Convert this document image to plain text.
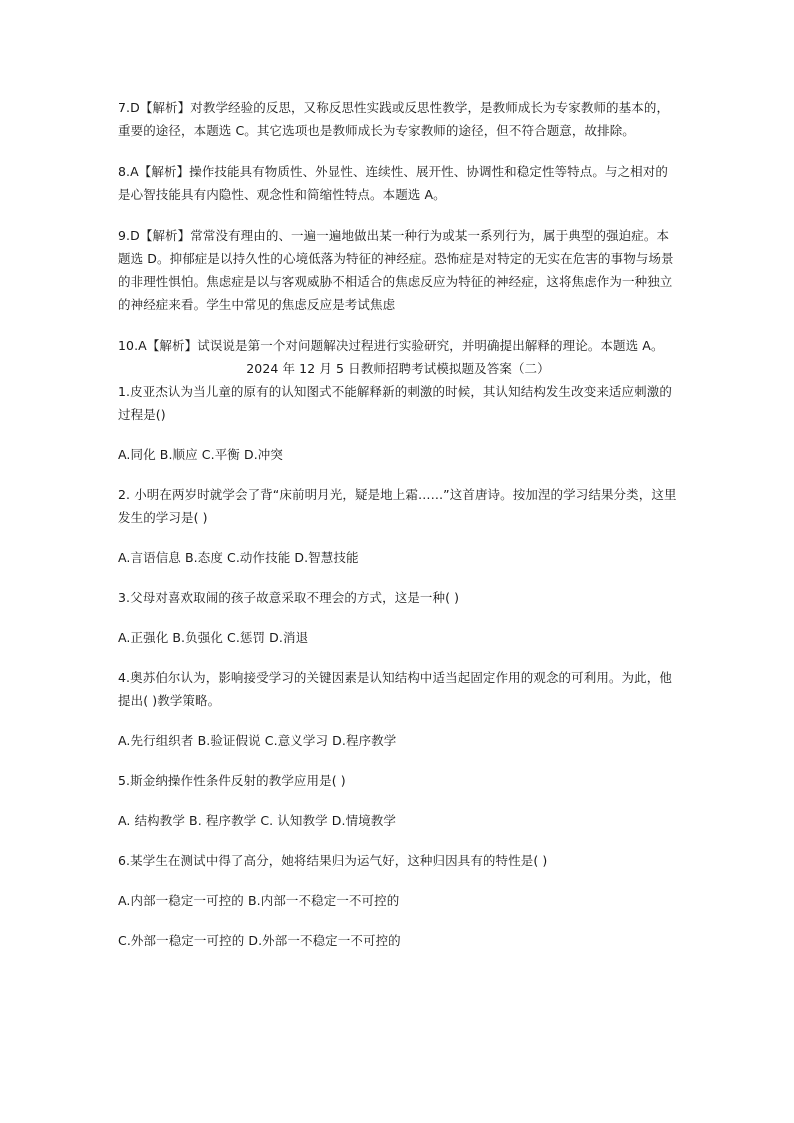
7.D【解析】对教学经验的反思，又称反思性实践或反思性教学，是教师成长为专家教师的基本的，重要的途径，本题选 C。其它选项也是教师成长为专家教师的途径，但不符合题意，故排除。

8.A【解析】操作技能具有物质性、外显性、连续性、展开性、协调性和稳定性等特点。与之相对的是心智技能具有内隐性、观念性和简缩性特点。本题选 A。

9.D【解析】常常没有理由的、一遍一遍地做出某一种行为或某一系列行为，属于典型的强迫症。本题选 D。抑郁症是以持久性的心境低落为特征的神经症。恐怖症是对特定的无实在危害的事物与场景的非理性惧怕。焦虑症是以与客观威胁不相适合的焦虑反应为特征的神经症，这将焦虑作为一种独立的神经症来看。学生中常见的焦虑反应是考试焦虑

10.A【解析】试误说是第一个对问题解决过程进行实验研究，并明确提出解释的理论。本题选 A。

2024 年 12 月 5 日教师招聘考试模拟题及答案（二）

1.皮亚杰认为当儿童的原有的认知图式不能解释新的刺激的时候，其认知结构发生改变来适应刺激的过程是()

A.同化 B.顺应 C.平衡 D.冲突

2. 小明在两岁时就学会了背“床前明月光，疑是地上霜……”这首唐诗。按加涅的学习结果分类，这里发生的学习是( )

A.言语信息 B.态度 C.动作技能 D.智慧技能

3.父母对喜欢取闹的孩子故意采取不理会的方式，这是一种( )

A.正强化 B.负强化 C.惩罚 D.消退

4.奥苏伯尔认为，影响接受学习的关键因素是认知结构中适当起固定作用的观念的可利用。为此，他提出( )教学策略。

A.先行组织者 B.验证假说 C.意义学习 D.程序教学

5.斯金纳操作性条件反射的教学应用是( )

A. 结构教学 B. 程序教学 C. 认知教学 D.情境教学

6.某学生在测试中得了高分，她将结果归为运气好，这种归因具有的特性是( )

A.内部一稳定一可控的 B.内部一不稳定一不可控的

C.外部一稳定一可控的 D.外部一不稳定一不可控的
